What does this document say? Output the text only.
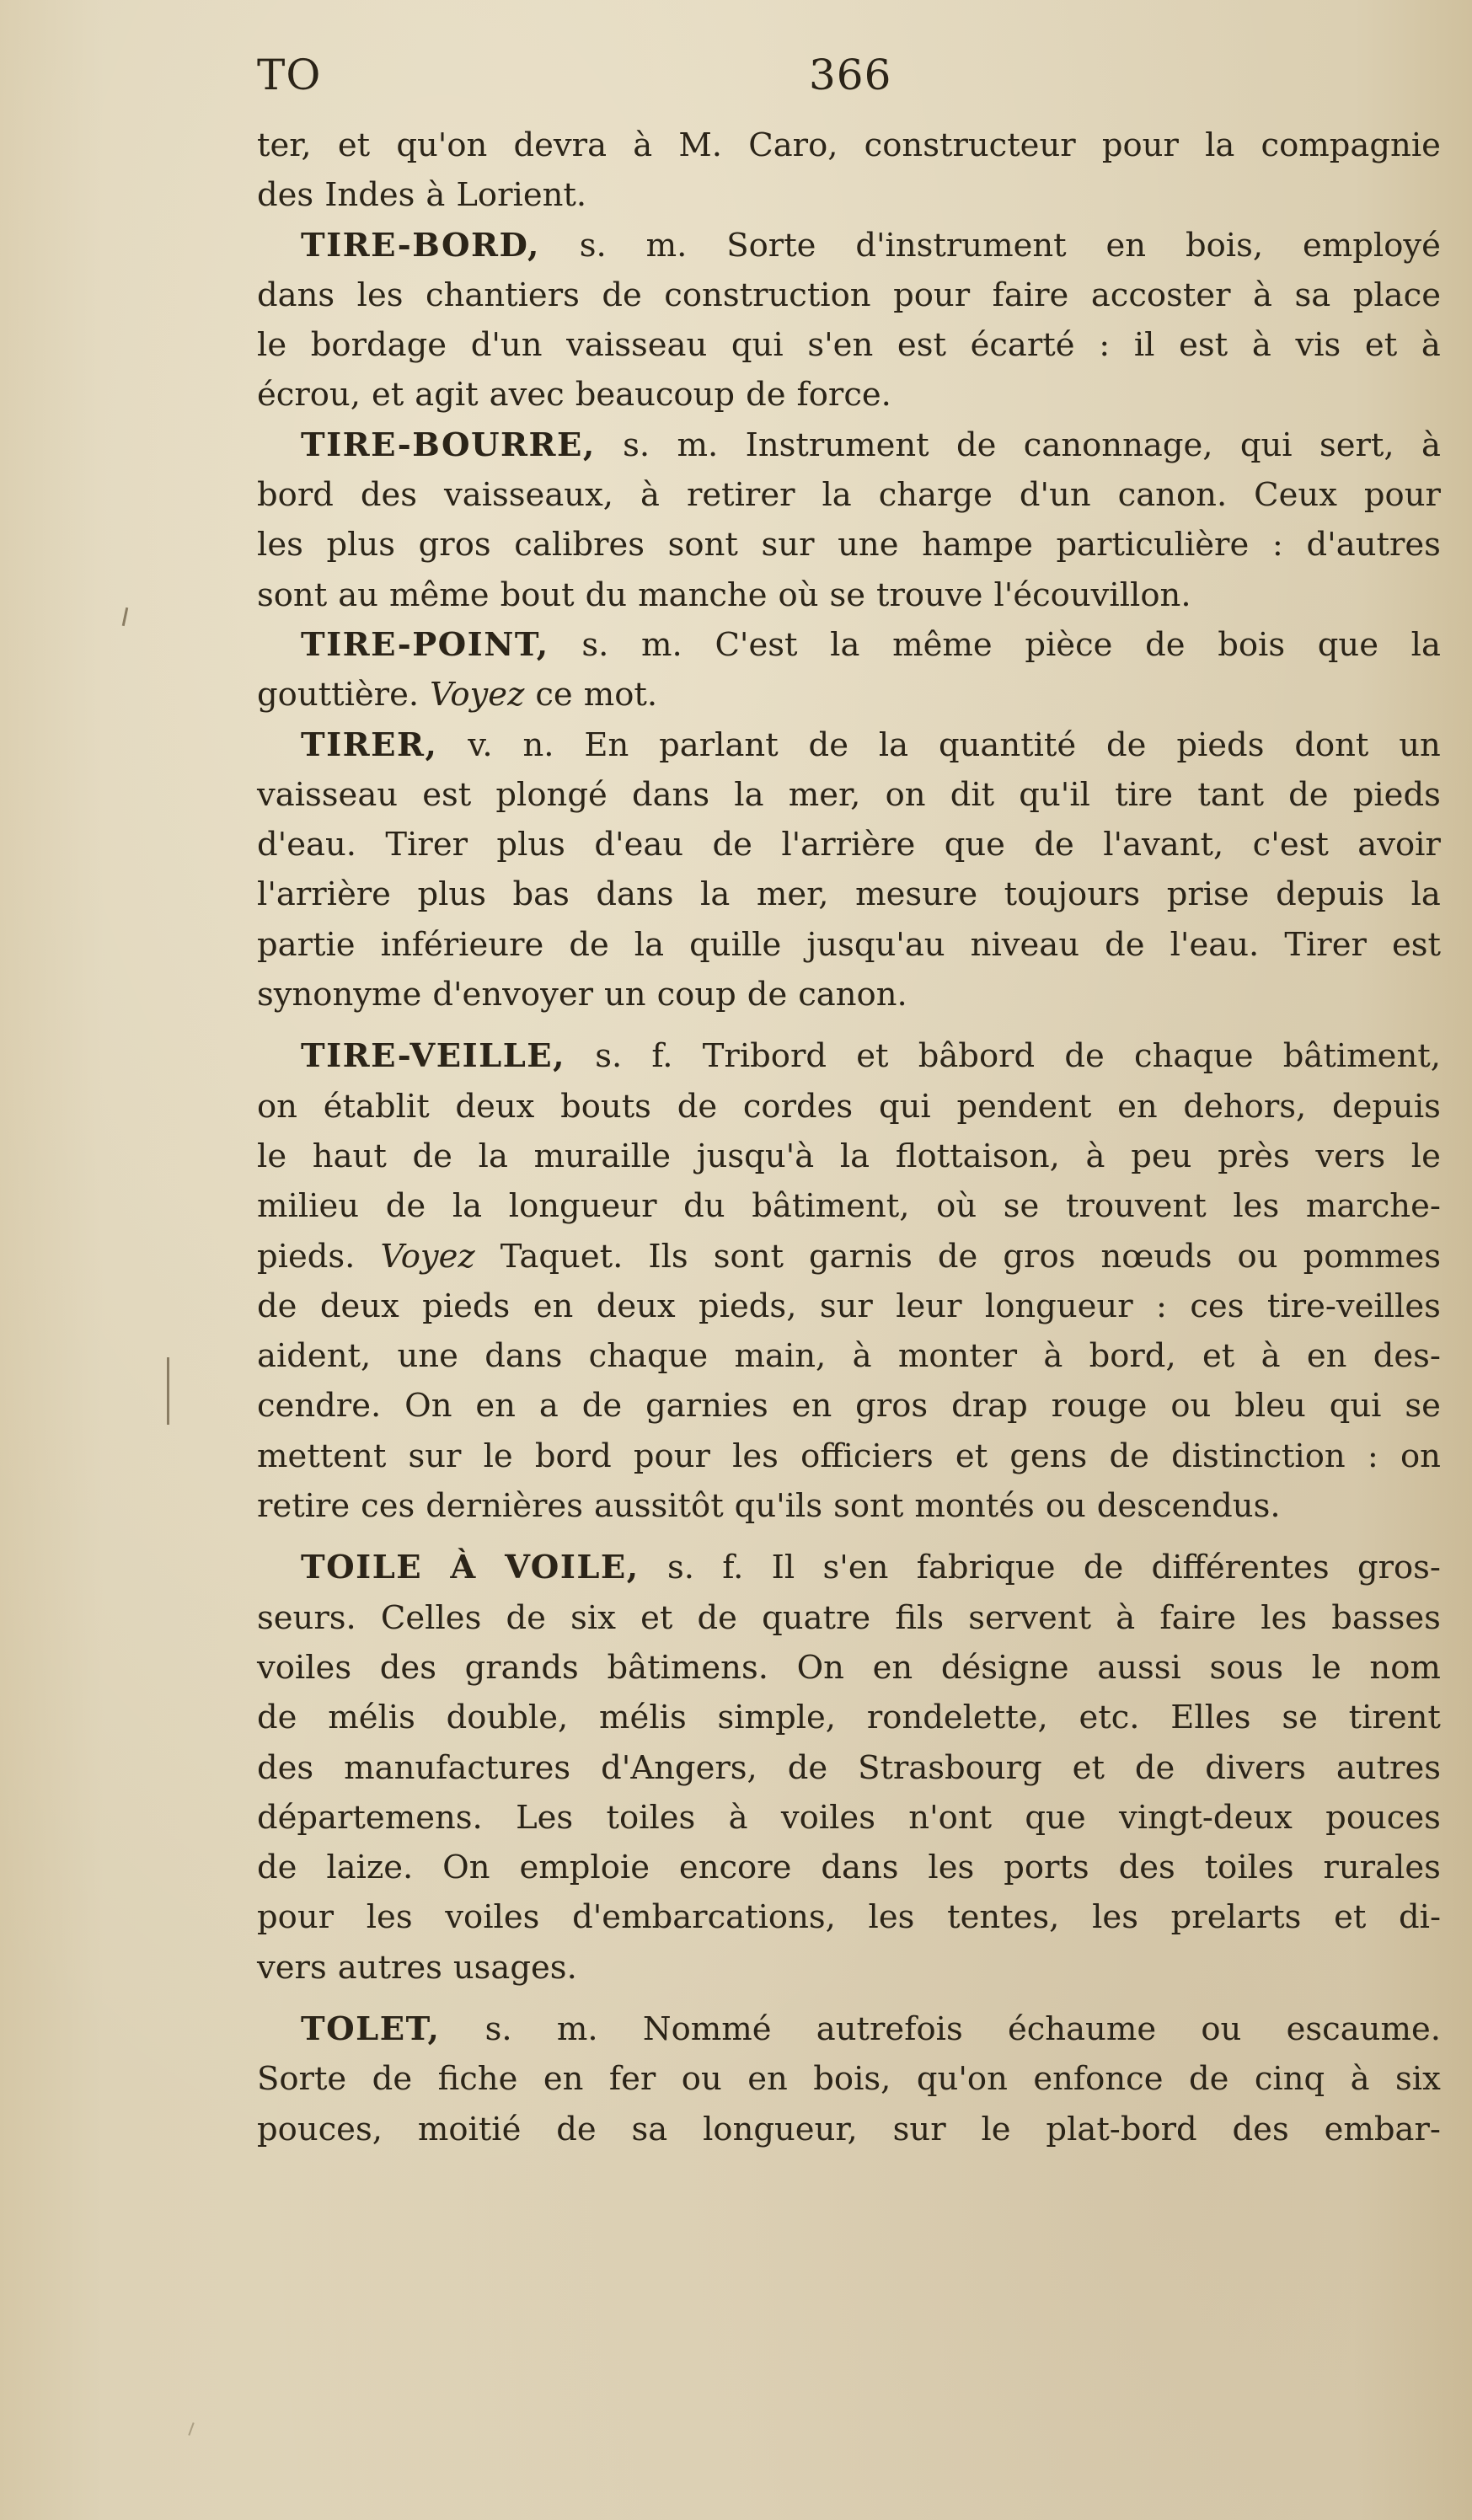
TO	366
ter, et qu'on devra à M. Caro, constructeur pour la compagnie
des Indes à Lorient.
TIRE-BORD, s. m. Sorte d'instrument en bois, employé
dans les chantiers de construction pour faire accoster à sa place
le bordage d'un vaisseau qui s'en est écarté : il est à vis et à
écrou, et agit avec beaucoup de force.
TIRE-BOURRE, s. m. Instrument de canonnage, qui sert, à
bord des vaisseaux, à retirer la charge d'un canon. Ceux pour
les plus gros calibres sont sur une hampe particulière : d'autres
sont au même bout du manche où se trouve l'écouvillon.
TIRE-POINT, s. m. C'est la même pièce de bois que la
gouttière. Voyez ce mot.
TIRER, v. n. En parlant de la quantité de pieds dont un
vaisseau est plongé dans la mer, on dit qu'il tire tant de pieds
d'eau. Tirer plus d'eau de l'arrière que de l'avant, c'est avoir
l'arrière plus bas dans la mer, mesure toujours prise depuis la
partie inférieure de la quille jusqu'au niveau de l'eau. Tirer est
synonyme d'envoyer un coup de canon.
TIRE-VEILLE, s. f. Tribord et bâbord de chaque bâtiment,
on établit deux bouts de cordes qui pendent en dehors, depuis
le haut de la muraille jusqu'à la flottaison, à peu près vers le
milieu de la longueur du bâtiment, où se trouvent les marche-
pieds. Voyez Taquet. Ils sont garnis de gros nœuds ou pommes
de deux pieds en deux pieds, sur leur longueur : ces tire-veilles
aident, une dans chaque main, à monter à bord, et à en des-
cendre. On en a de garnies en gros drap rouge ou bleu qui se
mettent sur le bord pour les officiers et gens de distinction : on
retire ces dernières aussitôt qu'ils sont montés ou descendus.
TOILE À VOILE, s. f. Il s'en fabrique de différentes gros-
seurs. Celles de six et de quatre fils servent à faire les basses
voiles des grands bâtimens. On en désigne aussi sous le nom
de mélis double, mélis simple, rondelette, etc. Elles se tirent
des manufactures d'Angers, de Strasbourg et de divers autres
départemens. Les toiles à voiles n'ont que vingt-deux pouces
de laize. On emploie encore dans les ports des toiles rurales
pour les voiles d'embarcations, les tentes, les prelarts et di-
vers autres usages.
TOLET, s. m. Nommé autrefois échaume ou escaume.
Sorte de fiche en fer ou en bois, qu'on enfonce de cinq à six
pouces, moitié de sa longueur, sur le plat-bord des embar-
